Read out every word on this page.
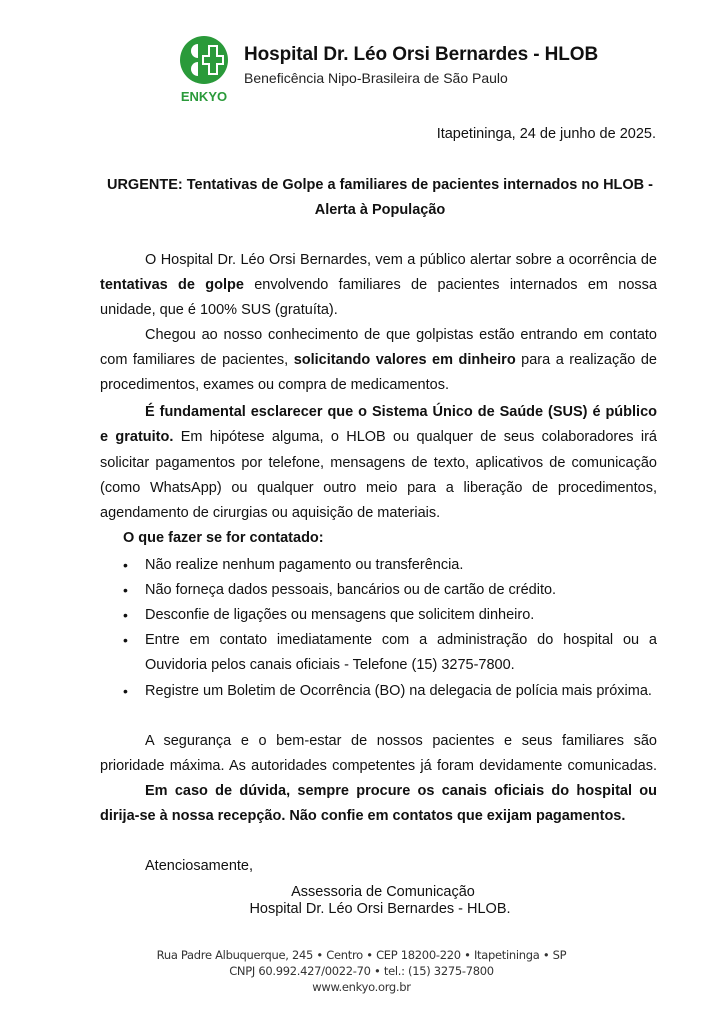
ENKYO
Hospital Dr. Léo Orsi Bernardes - HLOB
Beneficência Nipo-Brasileira de São Paulo
Itapetininga, 24 de junho de 2025.
URGENTE: Tentativas de Golpe a familiares de pacientes internados no HLOB -
Alerta à População
O Hospital Dr. Léo Orsi Bernardes, vem a público alertar sobre a ocorrência de
tentativas de golpe envolvendo familiares de pacientes internados em nossa
unidade, que é 100% SUS (gratuíta).
Chegou ao nosso conhecimento de que golpistas estão entrando em contato
com familiares de pacientes, solicitando valores em dinheiro para a realização de
procedimentos, exames ou compra de medicamentos.
É fundamental esclarecer que o Sistema Único de Saúde (SUS) é público
e gratuito. Em hipótese alguma, o HLOB ou qualquer de seus colaboradores irá
solicitar pagamentos por telefone, mensagens de texto, aplicativos de comunicação
(como WhatsApp) ou qualquer outro meio para a liberação de procedimentos,
agendamento de cirurgias ou aquisição de materiais.
O que fazer se for contatado:
• Não realize nenhum pagamento ou transferência.
• Não forneça dados pessoais, bancários ou de cartão de crédito.
• Desconfie de ligações ou mensagens que solicitem dinheiro.
• Entre em contato imediatamente com a administração do hospital ou a
Ouvidoria pelos canais oficiais - Telefone (15) 3275-7800.
• Registre um Boletim de Ocorrência (BO) na delegacia de polícia mais próxima.
A segurança e o bem-estar de nossos pacientes e seus familiares são
prioridade máxima. As autoridades competentes já foram devidamente comunicadas.
Em caso de dúvida, sempre procure os canais oficiais do hospital ou
dirija-se à nossa recepção. Não confie em contatos que exijam pagamentos.
Atenciosamente,
Assessoria de Comunicação
Hospital Dr. Léo Orsi Bernardes - HLOB.
Rua Padre Albuquerque, 245 • Centro • CEP 18200-220 • Itapetininga • SP
CNPJ 60.992.427/0022-70 • tel.: (15) 3275-7800
www.enkyo.org.br
